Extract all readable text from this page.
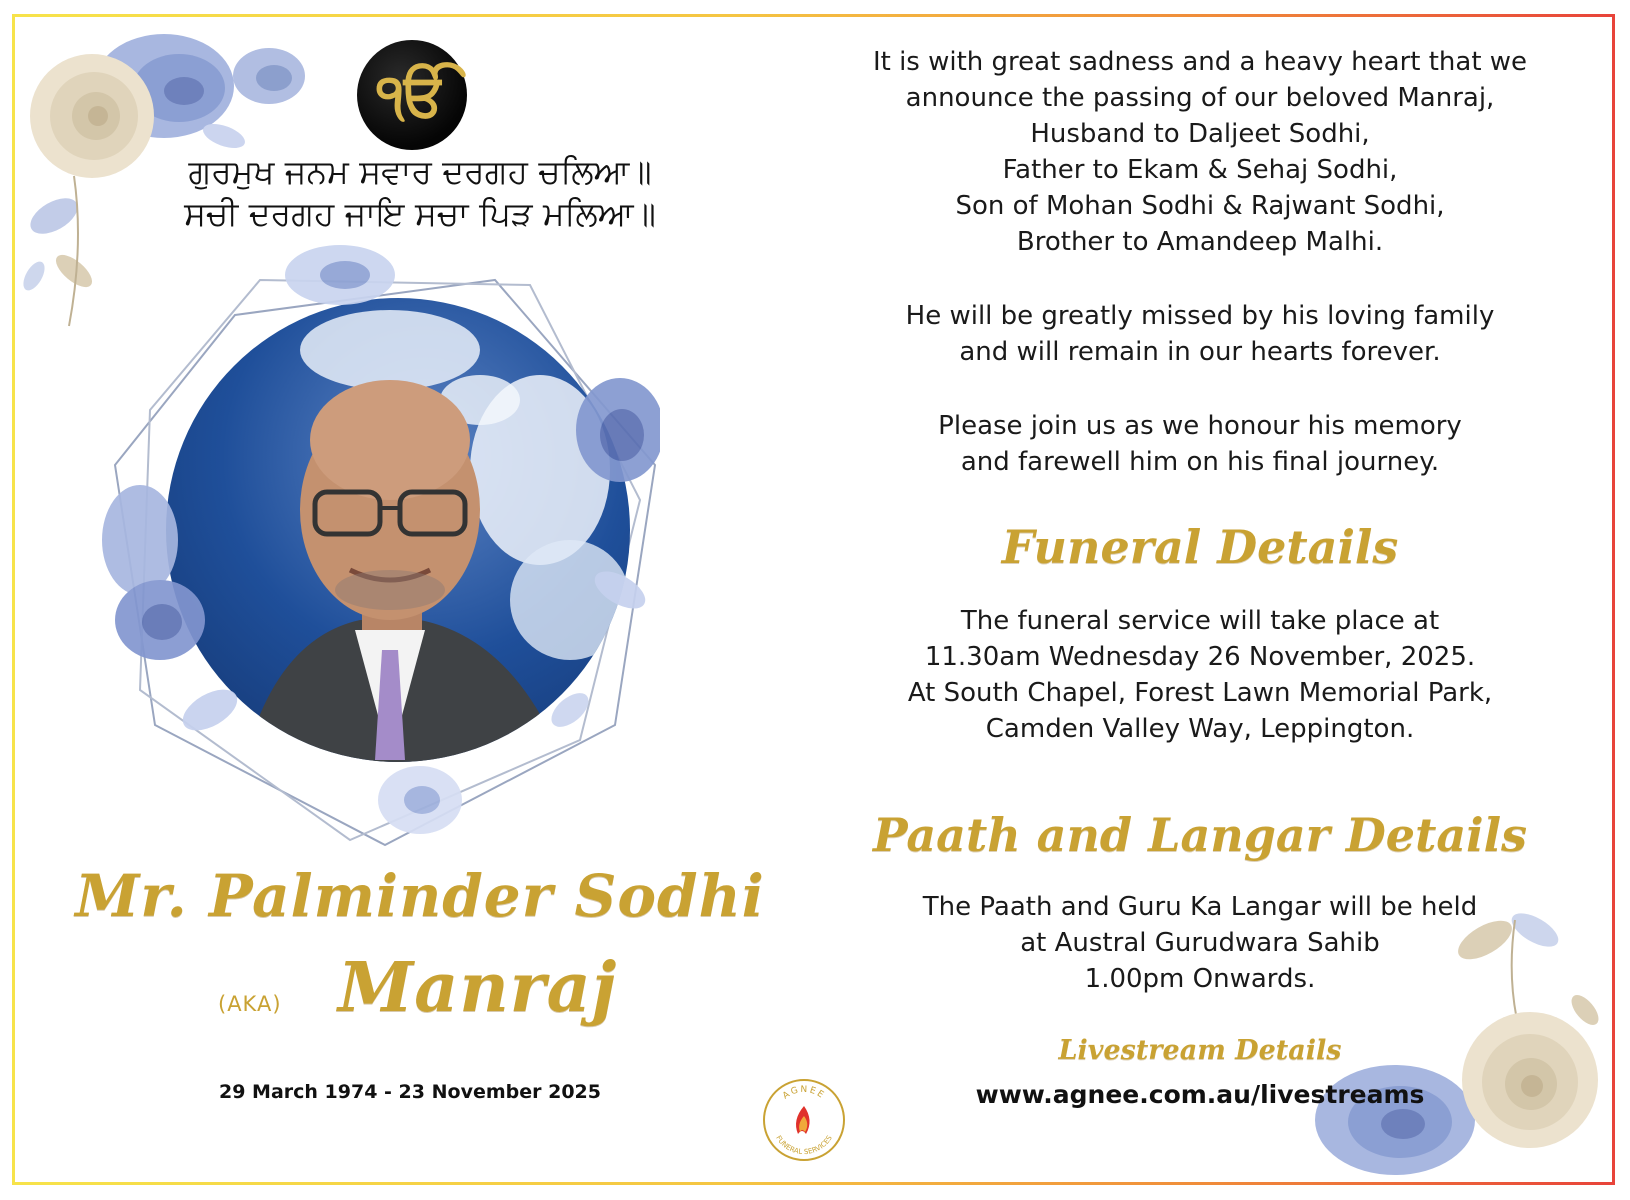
ੴ
ਗੁਰਮੁਖ ਜਨਮ ਸਵਾਰ ਦਰਗਹ ਚਲਿਆ॥
ਸਚੀ ਦਰਗਹ ਜਾਇ ਸਚਾ ਪਿੜ ਮਲਿਆ॥
Mr. Palminder Sodhi
(AKA) Manraj
29 March 1974 - 23 November 2025	AGNEE
FUNERAL SERVICES
It is with great sadness and a heavy heart that we
announce the passing of our beloved Manraj,
Husband to Daljeet Sodhi,
Father to Ekam & Sehaj Sodhi,
Son of Mohan Sodhi & Rajwant Sodhi,
Brother to Amandeep Malhi.
He will be greatly missed by his loving family
and will remain in our hearts forever.
Please join us as we honour his memory
and farewell him on his final journey.
Funeral Details
The funeral service will take place at
11.30am Wednesday 26 November, 2025.
At South Chapel, Forest Lawn Memorial Park,
Camden Valley Way, Leppington.
Paath and Langar Details
The Paath and Guru Ka Langar will be held
at Austral Gurudwara Sahib
1.00pm Onwards.
Livestream Details
www.agnee.com.au/livestreams
